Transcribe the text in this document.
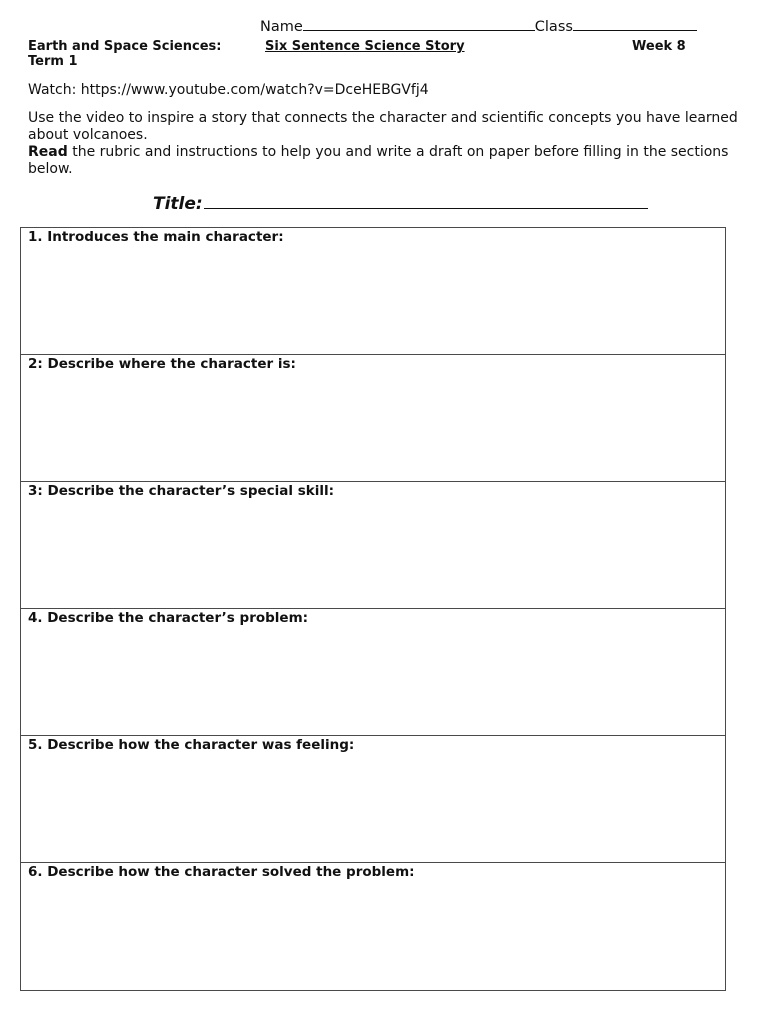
Name	Class
Earth and Space Sciences:
Term 1
Six Sentence Science Story	Week 8
Watch: https://www.youtube.com/watch?v=DceHEBGVfj4

Use the video to inspire a story that connects the character and scientific concepts you have learned about volcanoes.

Read the rubric and instructions to help you and write a draft on paper before filling in the sections below.

Title:
1. Introduces the main character:
2: Describe where the character is:
3: Describe the character’s special skill:
4. Describe the character’s problem:
5. Describe how the character was feeling:
6. Describe how the character solved the problem:
